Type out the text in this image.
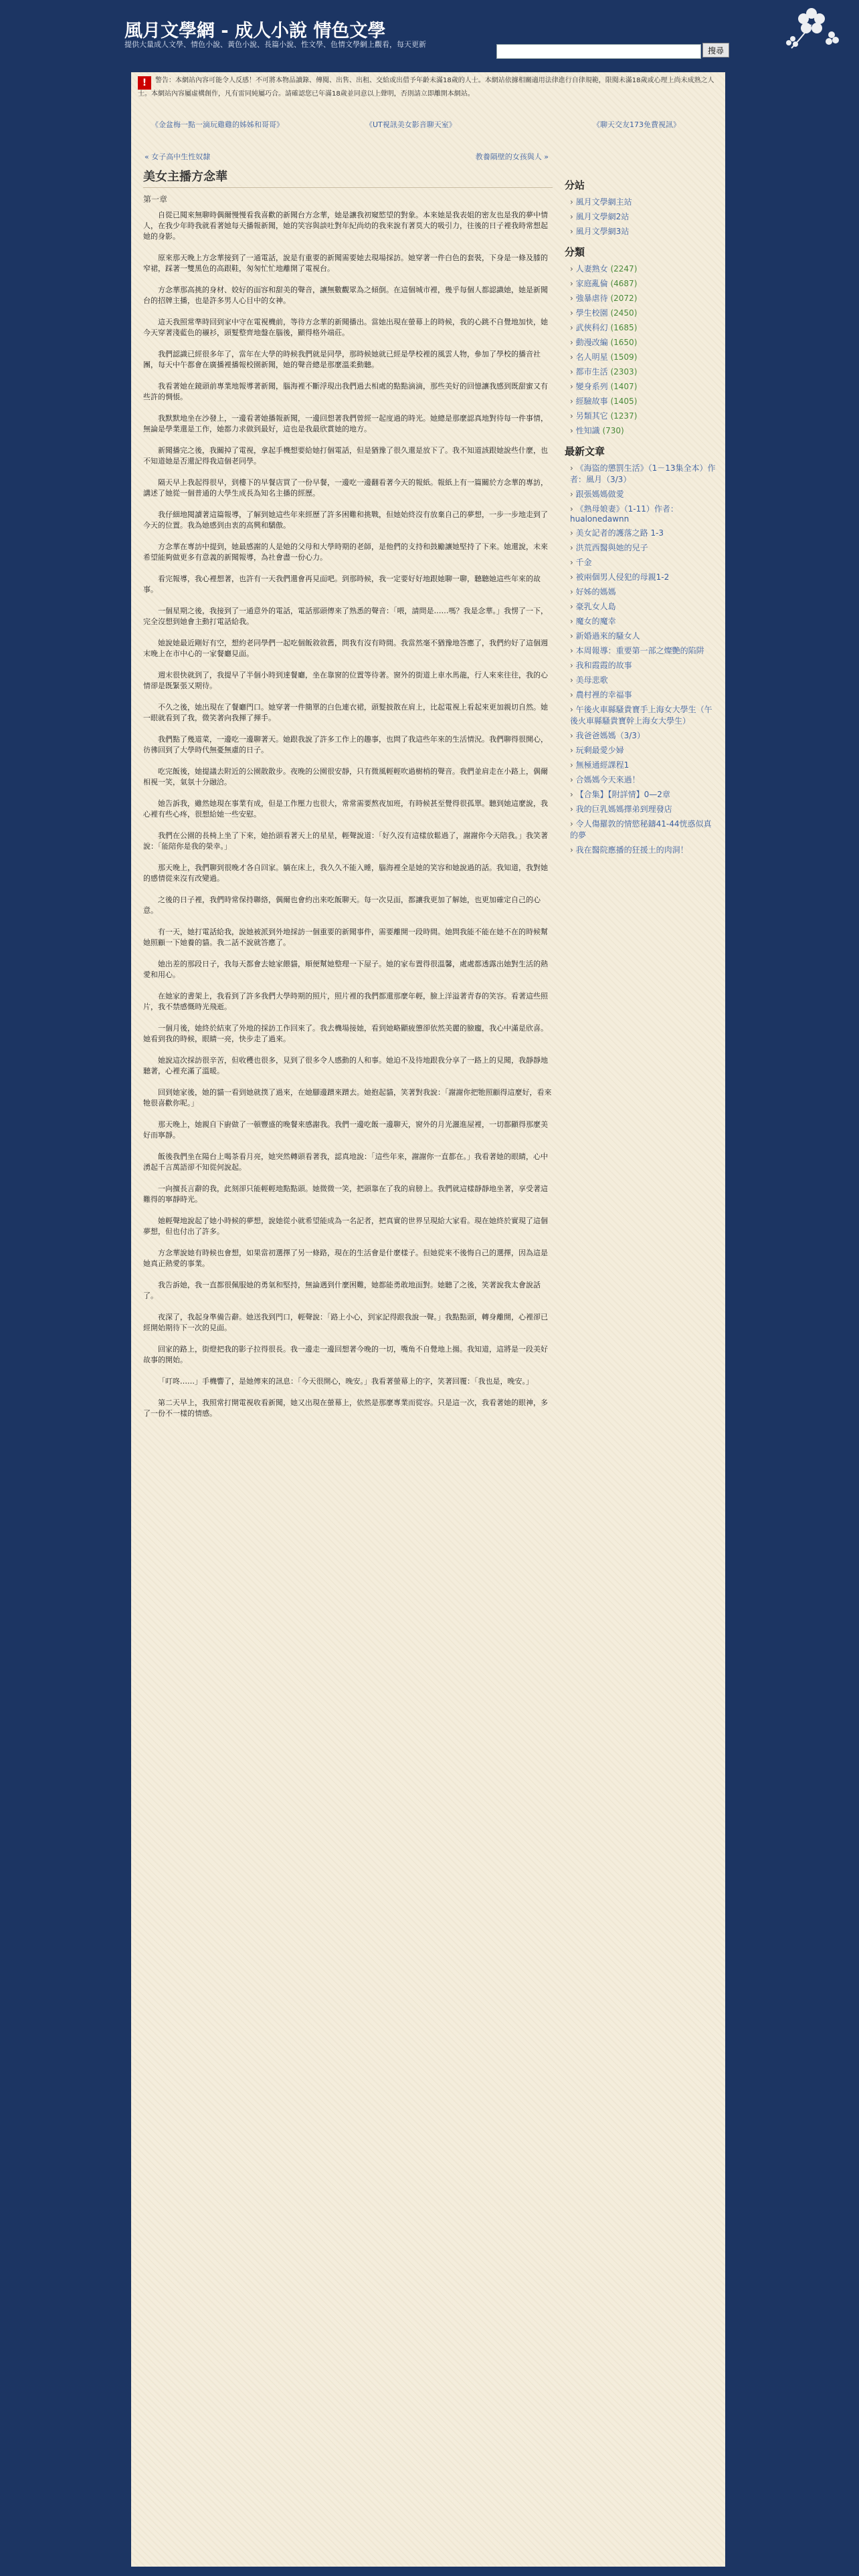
風月文學網 - 成人小說 情色文學
提供大量成人文學、情色小說、黃色小說、長篇小說、性文學、色情文學網上觀看，每天更新
搜尋
! 警告：本網站內容可能令人反感！不可將本物品讀錄、傳閱、出售、出租、交給或出借予年齡未滿18歲的人士。本網站依據相關適用法律進行自律規範，限閱未滿18歲或心理上尚未成熟之人士。本網站內容屬虛構創作，凡有雷同純屬巧合。請確認您已年滿18歲並同意以上聲明，否則請立即離開本網站。
《金盆梅一點一滴玩雞雞的姊姊和哥哥》	《UT視訊美女影音聊天室》	《聊天交友173免費視訊》
« 女子高中生性奴隸	教養隔壁的女孩與人 »
美女主播方念華
第一章

自從已閱來無聊時偶爾慢慢看我喜歡的新聞台方念華，她是讓我初窺慾望的對象。本來她是我表姐的密友也是我的夢中情人，在我少年時我就看著她每天播報新聞，她的笑容與談吐對年紀尚幼的我來說有著莫大的吸引力，往後的日子裡我時常想起她的身影。

原來那天晚上方念華接到了一通電話，說是有重要的新聞需要她去現場採訪。她穿著一件白色的套裝，下身是一條及膝的窄裙，踩著一雙黑色的高跟鞋，匆匆忙忙地離開了電視台。

方念華那高挑的身材、姣好的面容和甜美的聲音，讓無數觀眾為之傾倒。在這個城市裡，幾乎每個人都認識她，她是新聞台的招牌主播，也是許多男人心目中的女神。

這天我照常準時回到家中守在電視機前，等待方念華的新聞播出。當她出現在螢幕上的時候，我的心跳不自覺地加快，她今天穿著淺藍色的襯衫，頭髮整齊地盤在腦後，顯得格外端莊。

我們認識已經很多年了，當年在大學的時候我們就是同學，那時候她就已經是學校裡的風雲人物，參加了學校的播音社團，每天中午都會在廣播裡播報校園新聞，她的聲音總是那麼溫柔動聽。

我看著她在鏡頭前專業地報導著新聞，腦海裡不斷浮現出我們過去相處的點點滴滴，那些美好的回憶讓我感到既甜蜜又有些許的惆悵。

我默默地坐在沙發上，一邊看著她播報新聞，一邊回想著我們曾經一起度過的時光。她總是那麼認真地對待每一件事情，無論是學業還是工作，她都力求做到最好，這也是我最欣賞她的地方。

新聞播完之後，我關掉了電視，拿起手機想要給她打個電話，但是猶豫了很久還是放下了。我不知道該跟她說些什麼，也不知道她是否還記得我這個老同學。

隔天早上我起得很早，到樓下的早餐店買了一份早餐，一邊吃一邊翻看著今天的報紙。報紙上有一篇關於方念華的專訪，講述了她從一個普通的大學生成長為知名主播的經歷。

我仔細地閱讀著這篇報導，了解到她這些年來經歷了許多困難和挑戰，但她始終沒有放棄自己的夢想，一步一步地走到了今天的位置。我為她感到由衷的高興和驕傲。

方念華在專訪中提到，她最感謝的人是她的父母和大學時期的老師，是他們的支持和鼓勵讓她堅持了下來。她還說，未來希望能夠做更多有意義的新聞報導，為社會盡一份心力。

看完報導，我心裡想著，也許有一天我們還會再見面吧。到那時候，我一定要好好地跟她聊一聊，聽聽她這些年來的故事。

一個星期之後，我接到了一通意外的電話，電話那頭傳來了熟悉的聲音：「喂，請問是……嗎？我是念華。」我愣了一下，完全沒想到她會主動打電話給我。

她說她最近剛好有空，想約老同學們一起吃個飯敘敘舊，問我有沒有時間。我當然毫不猶豫地答應了，我們約好了這個週末晚上在市中心的一家餐廳見面。

週末很快就到了，我提早了半個小時到達餐廳，坐在靠窗的位置等待著。窗外的街道上車水馬龍，行人來來往往，我的心情卻是既緊張又期待。

不久之後，她出現在了餐廳門口。她穿著一件簡單的白色連衣裙，頭髮披散在肩上，比起電視上看起來更加親切自然。她一眼就看到了我，微笑著向我揮了揮手。

我們點了幾道菜，一邊吃一邊聊著天。她跟我說了許多工作上的趣事，也問了我這些年來的生活情況。我們聊得很開心，彷彿回到了大學時代無憂無慮的日子。

吃完飯後，她提議去附近的公園散散步。夜晚的公園很安靜，只有微風輕輕吹過樹梢的聲音。我們並肩走在小路上，偶爾相視一笑，氣氛十分融洽。

她告訴我，雖然她現在事業有成，但是工作壓力也很大，常常需要熬夜加班，有時候甚至覺得很孤單。聽到她這麼說，我心裡有些心疼，很想給她一些安慰。

我們在公園的長椅上坐了下來，她抬頭看著天上的星星，輕聲說道：「好久沒有這樣放鬆過了，謝謝你今天陪我。」我笑著說：「能陪你是我的榮幸。」

那天晚上，我們聊到很晚才各自回家。躺在床上，我久久不能入睡，腦海裡全是她的笑容和她說過的話。我知道，我對她的感情從來沒有改變過。

之後的日子裡，我們時常保持聯絡，偶爾也會約出來吃飯聊天。每一次見面，都讓我更加了解她，也更加確定自己的心意。

有一天，她打電話給我，說她被派到外地採訪一個重要的新聞事件，需要離開一段時間。她問我能不能在她不在的時候幫她照顧一下她養的貓。我二話不說就答應了。

她出差的那段日子，我每天都會去她家餵貓，順便幫她整理一下屋子。她的家布置得很溫馨，處處都透露出她對生活的熱愛和用心。

在她家的書架上，我看到了許多我們大學時期的照片，照片裡的我們都還那麼年輕，臉上洋溢著青春的笑容。看著這些照片，我不禁感慨時光飛逝。

一個月後，她終於結束了外地的採訪工作回來了。我去機場接她，看到她略顯疲憊卻依然美麗的臉龐，我心中滿是欣喜。她看到我的時候，眼睛一亮，快步走了過來。

她說這次採訪很辛苦，但收穫也很多，見到了很多令人感動的人和事。她迫不及待地跟我分享了一路上的見聞，我靜靜地聽著，心裡充滿了溫暖。

回到她家後，她的貓一看到她就撲了過來，在她腳邊蹭來蹭去。她抱起貓，笑著對我說：「謝謝你把牠照顧得這麼好，看來牠很喜歡你呢。」

那天晚上，她親自下廚做了一頓豐盛的晚餐來感謝我。我們一邊吃飯一邊聊天，窗外的月光灑進屋裡，一切都顯得那麼美好而寧靜。

飯後我們坐在陽台上喝茶看月亮，她突然轉頭看著我，認真地說：「這些年來，謝謝你一直都在。」我看著她的眼睛，心中湧起千言萬語卻不知從何說起。

一向擅長言辭的我，此刻卻只能輕輕地點點頭。她微微一笑，把頭靠在了我的肩膀上。我們就這樣靜靜地坐著，享受著這難得的寧靜時光。

她輕聲地說起了她小時候的夢想，說她從小就希望能成為一名記者，把真實的世界呈現給大家看。現在她終於實現了這個夢想，但也付出了許多。

方念華說她有時候也會想，如果當初選擇了另一條路，現在的生活會是什麼樣子。但她從來不後悔自己的選擇，因為這是她真正熱愛的事業。

我告訴她，我一直都很佩服她的勇氣和堅持，無論遇到什麼困難，她都能勇敢地面對。她聽了之後，笑著說我太會說話了。

夜深了，我起身準備告辭。她送我到門口，輕聲說：「路上小心，到家記得跟我說一聲。」我點點頭，轉身離開，心裡卻已經開始期待下一次的見面。

回家的路上，街燈把我的影子拉得很長。我一邊走一邊回想著今晚的一切，嘴角不自覺地上揚。我知道，這將是一段美好故事的開始。

「叮咚……」手機響了，是她傳來的訊息：「今天很開心，晚安。」我看著螢幕上的字，笑著回覆：「我也是，晚安。」

第二天早上，我照常打開電視收看新聞，她又出現在螢幕上，依然是那麼專業而從容。只是這一次，我看著她的眼神，多了一份不一樣的情感。

分站
› 風月文學網主站
› 風月文學網2站
› 風月文學網3站
分類
› 人妻熟女 (2247)
› 家庭亂倫 (4687)
› 強暴虐待 (2072)
› 學生校園 (2450)
› 武俠科幻 (1685)
› 動漫改編 (1650)
› 名人明星 (1509)
› 都市生活 (2303)
› 變身系列 (1407)
› 經驗故事 (1405)
› 另類其它 (1237)
› 性知識 (730)
最新文章
› 《海盜的懲罰生活》（1－13集全本）作者：風月（3/3）
› 跟張媽媽做愛
› 《熟母娘妻》（1-11）作者：hualonedawnn
› 美女記者的護落之路 1-3
› 洪荒西醫與她的兒子
› 千金
› 被兩個男人侵犯的母親1-2
› 好姊的媽媽
› 豪乳女人島
› 魔女的魔幸
› 新婚過來的騷女人
› 本周報導：重要第一部之燦艷的陷阱
› 我和霞霞的故事
› 美母悲歌
› 農村裡的幸福事
› 午後火車縣騷貴寶手上海女大學生（午後火車縣騷貴寶幹上海女大學生）
› 我爸爸媽媽（3/3）
› 玩剩最愛少婦
› 無極通經課程1
› 合媽媽今天來過！
› 【合集】【附詳情】0—2章
› 我的巨乳媽媽擇弟到理發店
› 令人傷羅敦的情慾秘鑄41-44恍惑似真的夢
› 我在醫院應播的狂援土的肉洞！
